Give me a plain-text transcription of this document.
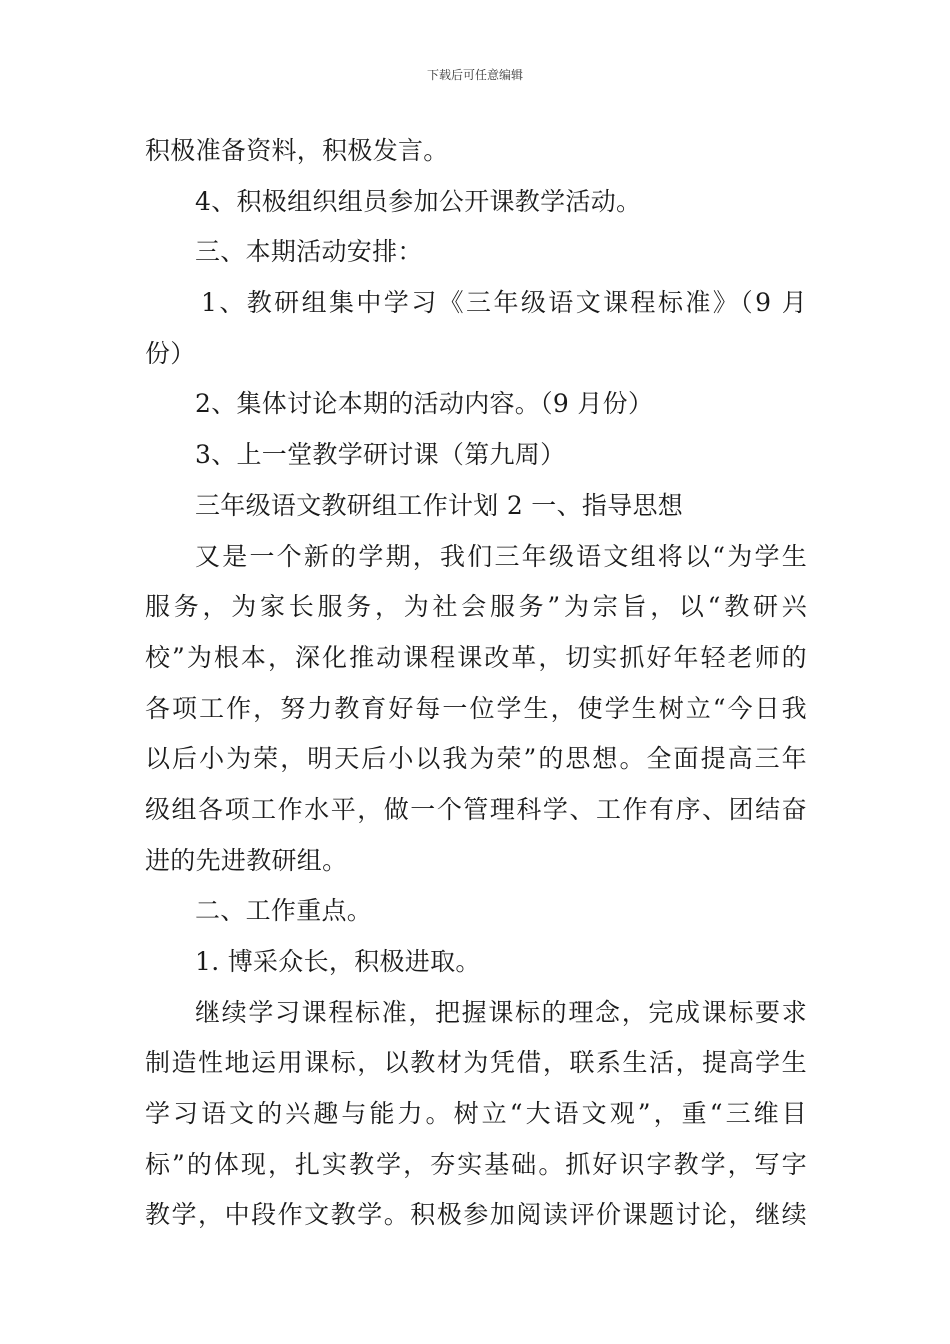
下载后可任意编辑
积极准备资料，积极发言。
4、积极组织组员参加公开课教学活动。
三、本期活动安排：
1、教研组集中学习《三年级语文课程标准》（9 月
份）
2、集体讨论本期的活动内容。（9 月份）
3、上一堂教学研讨课（第九周）
三年级语文教研组工作计划 2 一、指导思想
又是一个新的学期，我们三年级语文组将以“为学生
服务，为家长服务，为社会服务”为宗旨，以“教研兴
校”为根本，深化推动课程课改革，切实抓好年轻老师的
各项工作，努力教育好每一位学生，使学生树立“今日我
以后小为荣，明天后小以我为荣”的思想。全面提高三年
级组各项工作水平，做一个管理科学、工作有序、团结奋
进的先进教研组。
二、工作重点。
1. 博采众长，积极进取。
继续学习课程标准，把握课标的理念，完成课标要求
制造性地运用课标，以教材为凭借，联系生活，提高学生
学习语文的兴趣与能力。树立“大语文观”，重“三维目
标”的体现，扎实教学，夯实基础。抓好识字教学，写字
教学，中段作文教学。积极参加阅读评价课题讨论，继续
